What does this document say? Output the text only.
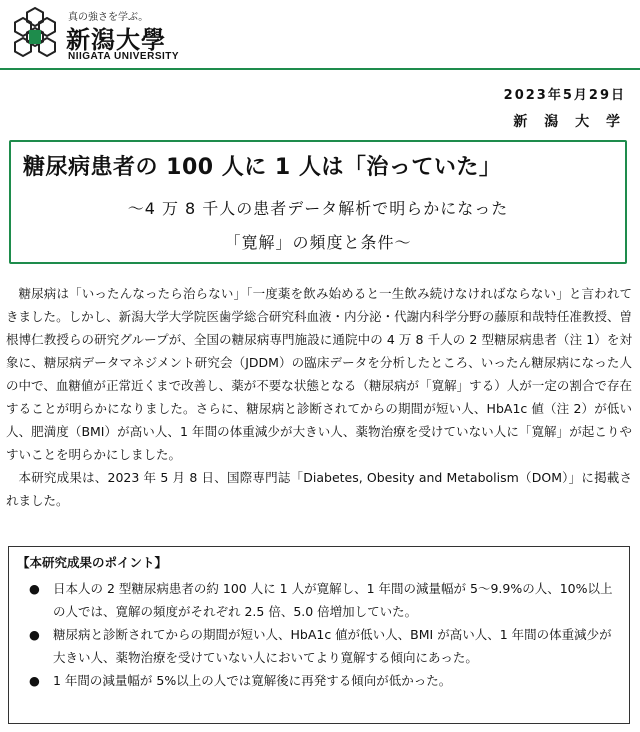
真の強さを学ぶ。
新潟大學
NIIGATA UNIVERSITY
2023年5月29日
新 潟 大 学
糖尿病患者の 100 人に 1 人は「治っていた」
～4 万 8 千人の患者データ解析で明らかになった
「寛解」の頻度と条件～

糖尿病は「いったんなったら治らない」「一度薬を飲み始めると一生飲み続けなければならない」と言われてきました。しかし、新潟大学大学院医歯学総合研究科血液・内分泌・代謝内科学分野の藤原和哉特任准教授、曽根博仁教授らの研究グループが、全国の糖尿病専門施設に通院中の 4 万 8 千人の 2 型糖尿病患者（注 1）を対象に、糖尿病データマネジメント研究会（JDDM）の臨床データを分析したところ、いったん糖尿病になった人の中で、血糖値が正常近くまで改善し、薬が不要な状態となる（糖尿病が「寛解」する）人が一定の割合で存在することが明らかになりました。さらに、糖尿病と診断されてからの期間が短い人、HbA1c 値（注 2）が低い人、肥満度（BMI）が高い人、1 年間の体重減少が大きい人、薬物治療を受けていない人に「寛解」が起こりやすいことを明らかにしました。

本研究成果は、2023 年 5 月 8 日、国際専門誌「Diabetes, Obesity and Metabolism（DOM）」に掲載されました。

【本研究成果のポイント】
● 日本人の 2 型糖尿病患者の約 100 人に 1 人が寛解し、1 年間の減量幅が 5～9.9%の人、10%以上の人では、寛解の頻度がそれぞれ 2.5 倍、5.0 倍増加していた。
● 糖尿病と診断されてからの期間が短い人、HbA1c 値が低い人、BMI が高い人、1 年間の体重減少が大きい人、薬物治療を受けていない人においてより寛解する傾向にあった。
● 1 年間の減量幅が 5%以上の人では寛解後に再発する傾向が低かった。
